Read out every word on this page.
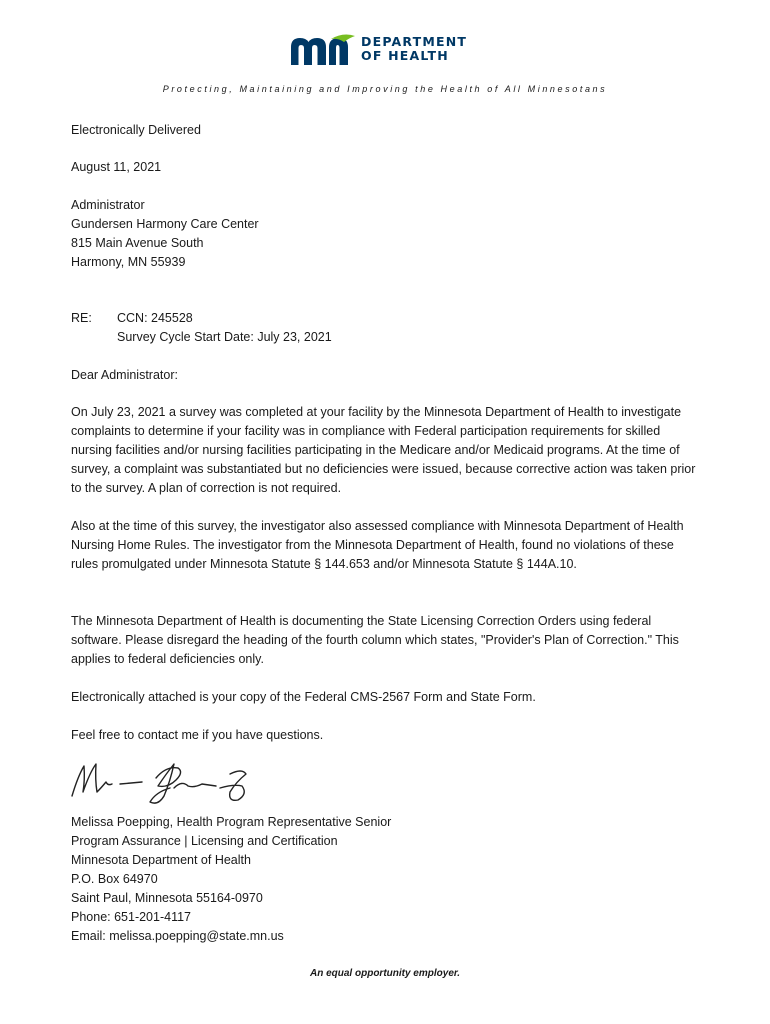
DEPARTMENT
OF HEALTH
Protecting, Maintaining and Improving the Health of All Minnesotans
Electronically Delivered
August 11, 2021
Administrator
Gundersen Harmony Care Center
815 Main Avenue South
Harmony, MN 55939
RE: CCN: 245528
Survey Cycle Start Date: July 23, 2021
Dear Administrator:
On July 23, 2021 a survey was completed at your facility by the Minnesota Department of Health to investigate complaints to determine if your facility was in compliance with Federal participation requirements for skilled nursing facilities and/or nursing facilities participating in the Medicare and/or Medicaid programs. At the time of survey, a complaint was substantiated but no deficiencies were issued, because corrective action was taken prior to the survey. A plan of correction is not required.
Also at the time of this survey, the investigator also assessed compliance with Minnesota Department of Health Nursing Home Rules. The investigator from the Minnesota Department of Health, found no violations of these rules promulgated under Minnesota Statute § 144.653 and/or Minnesota Statute § 144A.10.
The Minnesota Department of Health is documenting the State Licensing Correction Orders using federal software. Please disregard the heading of the fourth column which states, "Provider's Plan of Correction." This applies to federal deficiencies only.
Electronically attached is your copy of the Federal CMS-2567 Form and State Form.
Feel free to contact me if you have questions.
Melissa Poepping, Health Program Representative Senior
Program Assurance | Licensing and Certification
Minnesota Department of Health
P.O. Box 64970
Saint Paul, Minnesota 55164-0970
Phone: 651-201-4117
Email: melissa.poepping@state.mn.us
An equal opportunity employer.
